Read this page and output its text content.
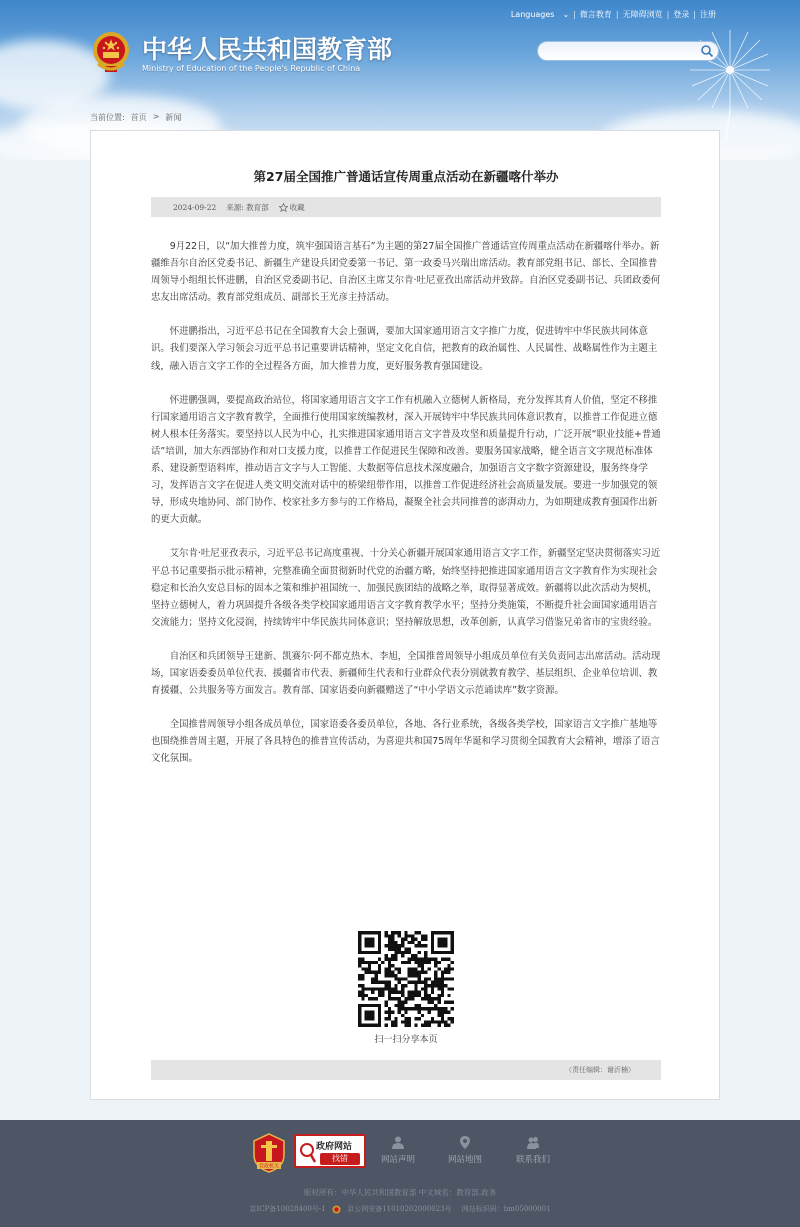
Languages	⌄ | 微言教育 | 无障碍浏览 | 登录 | 注册
中华人民共和国教育部
Ministry of Education of the People's Republic of China
当前位置: 首页 > 新闻
第27届全国推广普通话宣传周重点活动在新疆喀什举办
2024-09-22 来源: 教育部	收藏

9月22日，以“加大推普力度，筑牢强国语言基石”为主题的第27届全国推广普通话宣传周重点活动在新疆喀什举办。新疆维吾尔自治区党委书记、新疆生产建设兵团党委第一书记、第一政委马兴瑞出席活动。教育部党组书记、部长、全国推普周领导小组组长怀进鹏，自治区党委副书记、自治区主席艾尔肯·吐尼亚孜出席活动并致辞。自治区党委副书记、兵团政委何忠友出席活动。教育部党组成员、副部长王光彦主持活动。

怀进鹏指出，习近平总书记在全国教育大会上强调，要加大国家通用语言文字推广力度，促进铸牢中华民族共同体意识。我们要深入学习领会习近平总书记重要讲话精神，坚定文化自信，把教育的政治属性、人民属性、战略属性作为主题主线，融入语言文字工作的全过程各方面，加大推普力度，更好服务教育强国建设。

怀进鹏强调，要提高政治站位，将国家通用语言文字工作有机融入立德树人新格局，充分发挥其育人价值，坚定不移推行国家通用语言文字教育教学，全面推行使用国家统编教材，深入开展铸牢中华民族共同体意识教育，以推普工作促进立德树人根本任务落实。要坚持以人民为中心，扎实推进国家通用语言文字普及攻坚和质量提升行动，广泛开展“职业技能+普通话”培训，加大东西部协作和对口支援力度，以推普工作促进民生保障和改善。要服务国家战略，健全语言文字规范标准体系、建设新型语料库，推动语言文字与人工智能、大数据等信息技术深度融合，加强语言文字数字资源建设，服务终身学习，发挥语言文字在促进人类文明交流对话中的桥梁纽带作用，以推普工作促进经济社会高质量发展。要进一步加强党的领导，形成央地协同、部门协作、校家社多方参与的工作格局，凝聚全社会共同推普的澎湃动力，为如期建成教育强国作出新的更大贡献。

艾尔肯·吐尼亚孜表示，习近平总书记高度重视、十分关心新疆开展国家通用语言文字工作，新疆坚定坚决贯彻落实习近平总书记重要指示批示精神，完整准确全面贯彻新时代党的治疆方略，始终坚持把推进国家通用语言文字教育作为实现社会稳定和长治久安总目标的固本之策和维护祖国统一、加强民族团结的战略之举，取得显著成效。新疆将以此次活动为契机，坚持立德树人，着力巩固提升各级各类学校国家通用语言文字教育教学水平；坚持分类施策，不断提升社会面国家通用语言交流能力；坚持文化浸润，持续铸牢中华民族共同体意识；坚持解放思想，改革创新，认真学习借鉴兄弟省市的宝贵经验。

自治区和兵团领导王建新、凯赛尔·阿不都克热木、李旭，全国推普周领导小组成员单位有关负责同志出席活动。活动现场，国家语委委员单位代表、援疆省市代表、新疆师生代表和行业群众代表分别就教育教学、基层组织、企业单位培训、教育援疆、公共服务等方面发言。教育部、国家语委向新疆赠送了“中小学语文示范诵读库”数字资源。

全国推普周领导小组各成员单位，国家语委各委员单位，各地、各行业系统，各级各类学校，国家语言文字推广基地等也围绕推普周主题，开展了各具特色的推普宣传活动，为喜迎共和国75周年华诞和学习贯彻全国教育大会精神，增添了语言文化氛围。

扫一扫分享本页
（责任编辑：谢沂楠）
党政机关
政府网站
找错	网站声明	网站地图	联系我们
版权所有：中华人民共和国教育部 中文域名：教育部.政务
京ICP备10028400号-1	京公网安备11010202000023号 网站标识码：bm05000001
